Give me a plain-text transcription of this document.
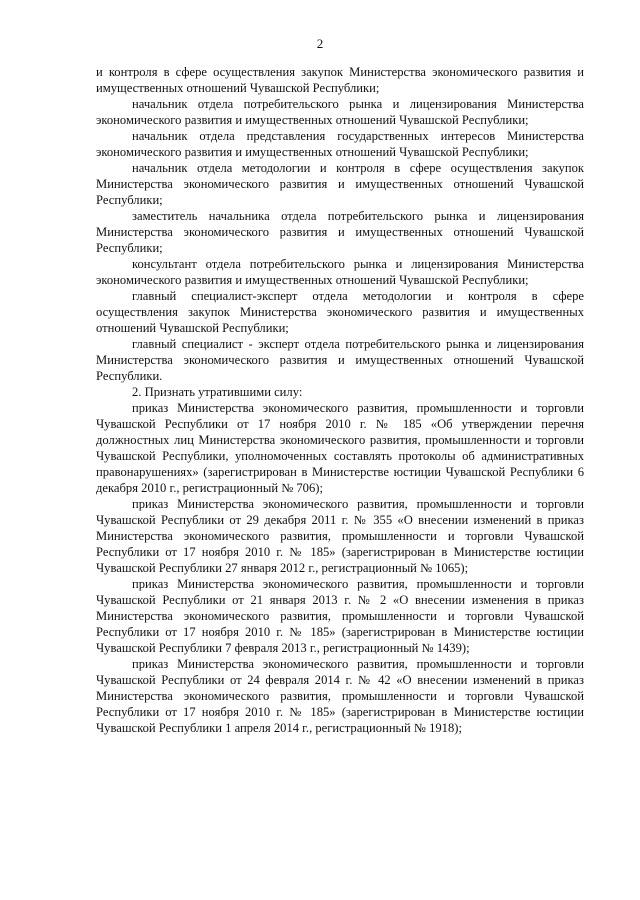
2

и контроля в сфере осуществления закупок Министерства экономического развития и имущественных отношений Чувашской Республики;

начальник отдела потребительского рынка и лицензирования Министерства экономического развития и имущественных отношений Чувашской Республики;

начальник отдела представления государственных интересов Министерства экономического развития и имущественных отношений Чувашской Республики;

начальник отдела методологии и контроля в сфере осуществления закупок Министерства экономического развития и имущественных отношений Чувашской Республики;

заместитель начальника отдела потребительского рынка и лицензирования Министерства экономического развития и имущественных отношений Чувашской Республики;

консультант отдела потребительского рынка и лицензирования Министерства экономического развития и имущественных отношений Чувашской Республики;

главный специалист-эксперт отдела методологии и контроля в сфере осуществления закупок Министерства экономического развития и имущественных отношений Чувашской Республики;

главный специалист - эксперт отдела потребительского рынка и лицензирования Министерства экономического развития и имущественных отношений Чувашской Республики.

2. Признать утратившими силу:

приказ Министерства экономического развития, промышленности и торговли Чувашской Республики от 17 ноября 2010 г. № 185 «Об утверждении перечня должностных лиц Министерства экономического развития, промышленности и торговли Чувашской Республики, уполномоченных составлять протоколы об административных правонарушениях» (зарегистрирован в Министерстве юстиции Чувашской Республики 6 декабря 2010 г., регистрационный № 706);

приказ Министерства экономического развития, промышленности и торговли Чувашской Республики от 29 декабря 2011 г. № 355 «О внесении изменений в приказ Министерства экономического развития, промышленности и торговли Чувашской Республики от 17 ноября 2010 г. № 185» (зарегистрирован в Министерстве юстиции Чувашской Республики 27 января 2012 г., регистрационный № 1065);

приказ Министерства экономического развития, промышленности и торговли Чувашской Республики от 21 января 2013 г. № 2 «О внесении изменения в приказ Министерства экономического развития, промышленности и торговли Чувашской Республики от 17 ноября 2010 г. № 185» (зарегистрирован в Министерстве юстиции Чувашской Республики 7 февраля 2013 г., регистрационный № 1439);

приказ Министерства экономического развития, промышленности и торговли Чувашской Республики от 24 февраля 2014 г. № 42 «О внесении изменений в приказ Министерства экономического развития, промышленности и торговли Чувашской Республики от 17 ноября 2010 г. № 185» (зарегистрирован в Министерстве юстиции Чувашской Республики 1 апреля 2014 г., регистрационный № 1918);
